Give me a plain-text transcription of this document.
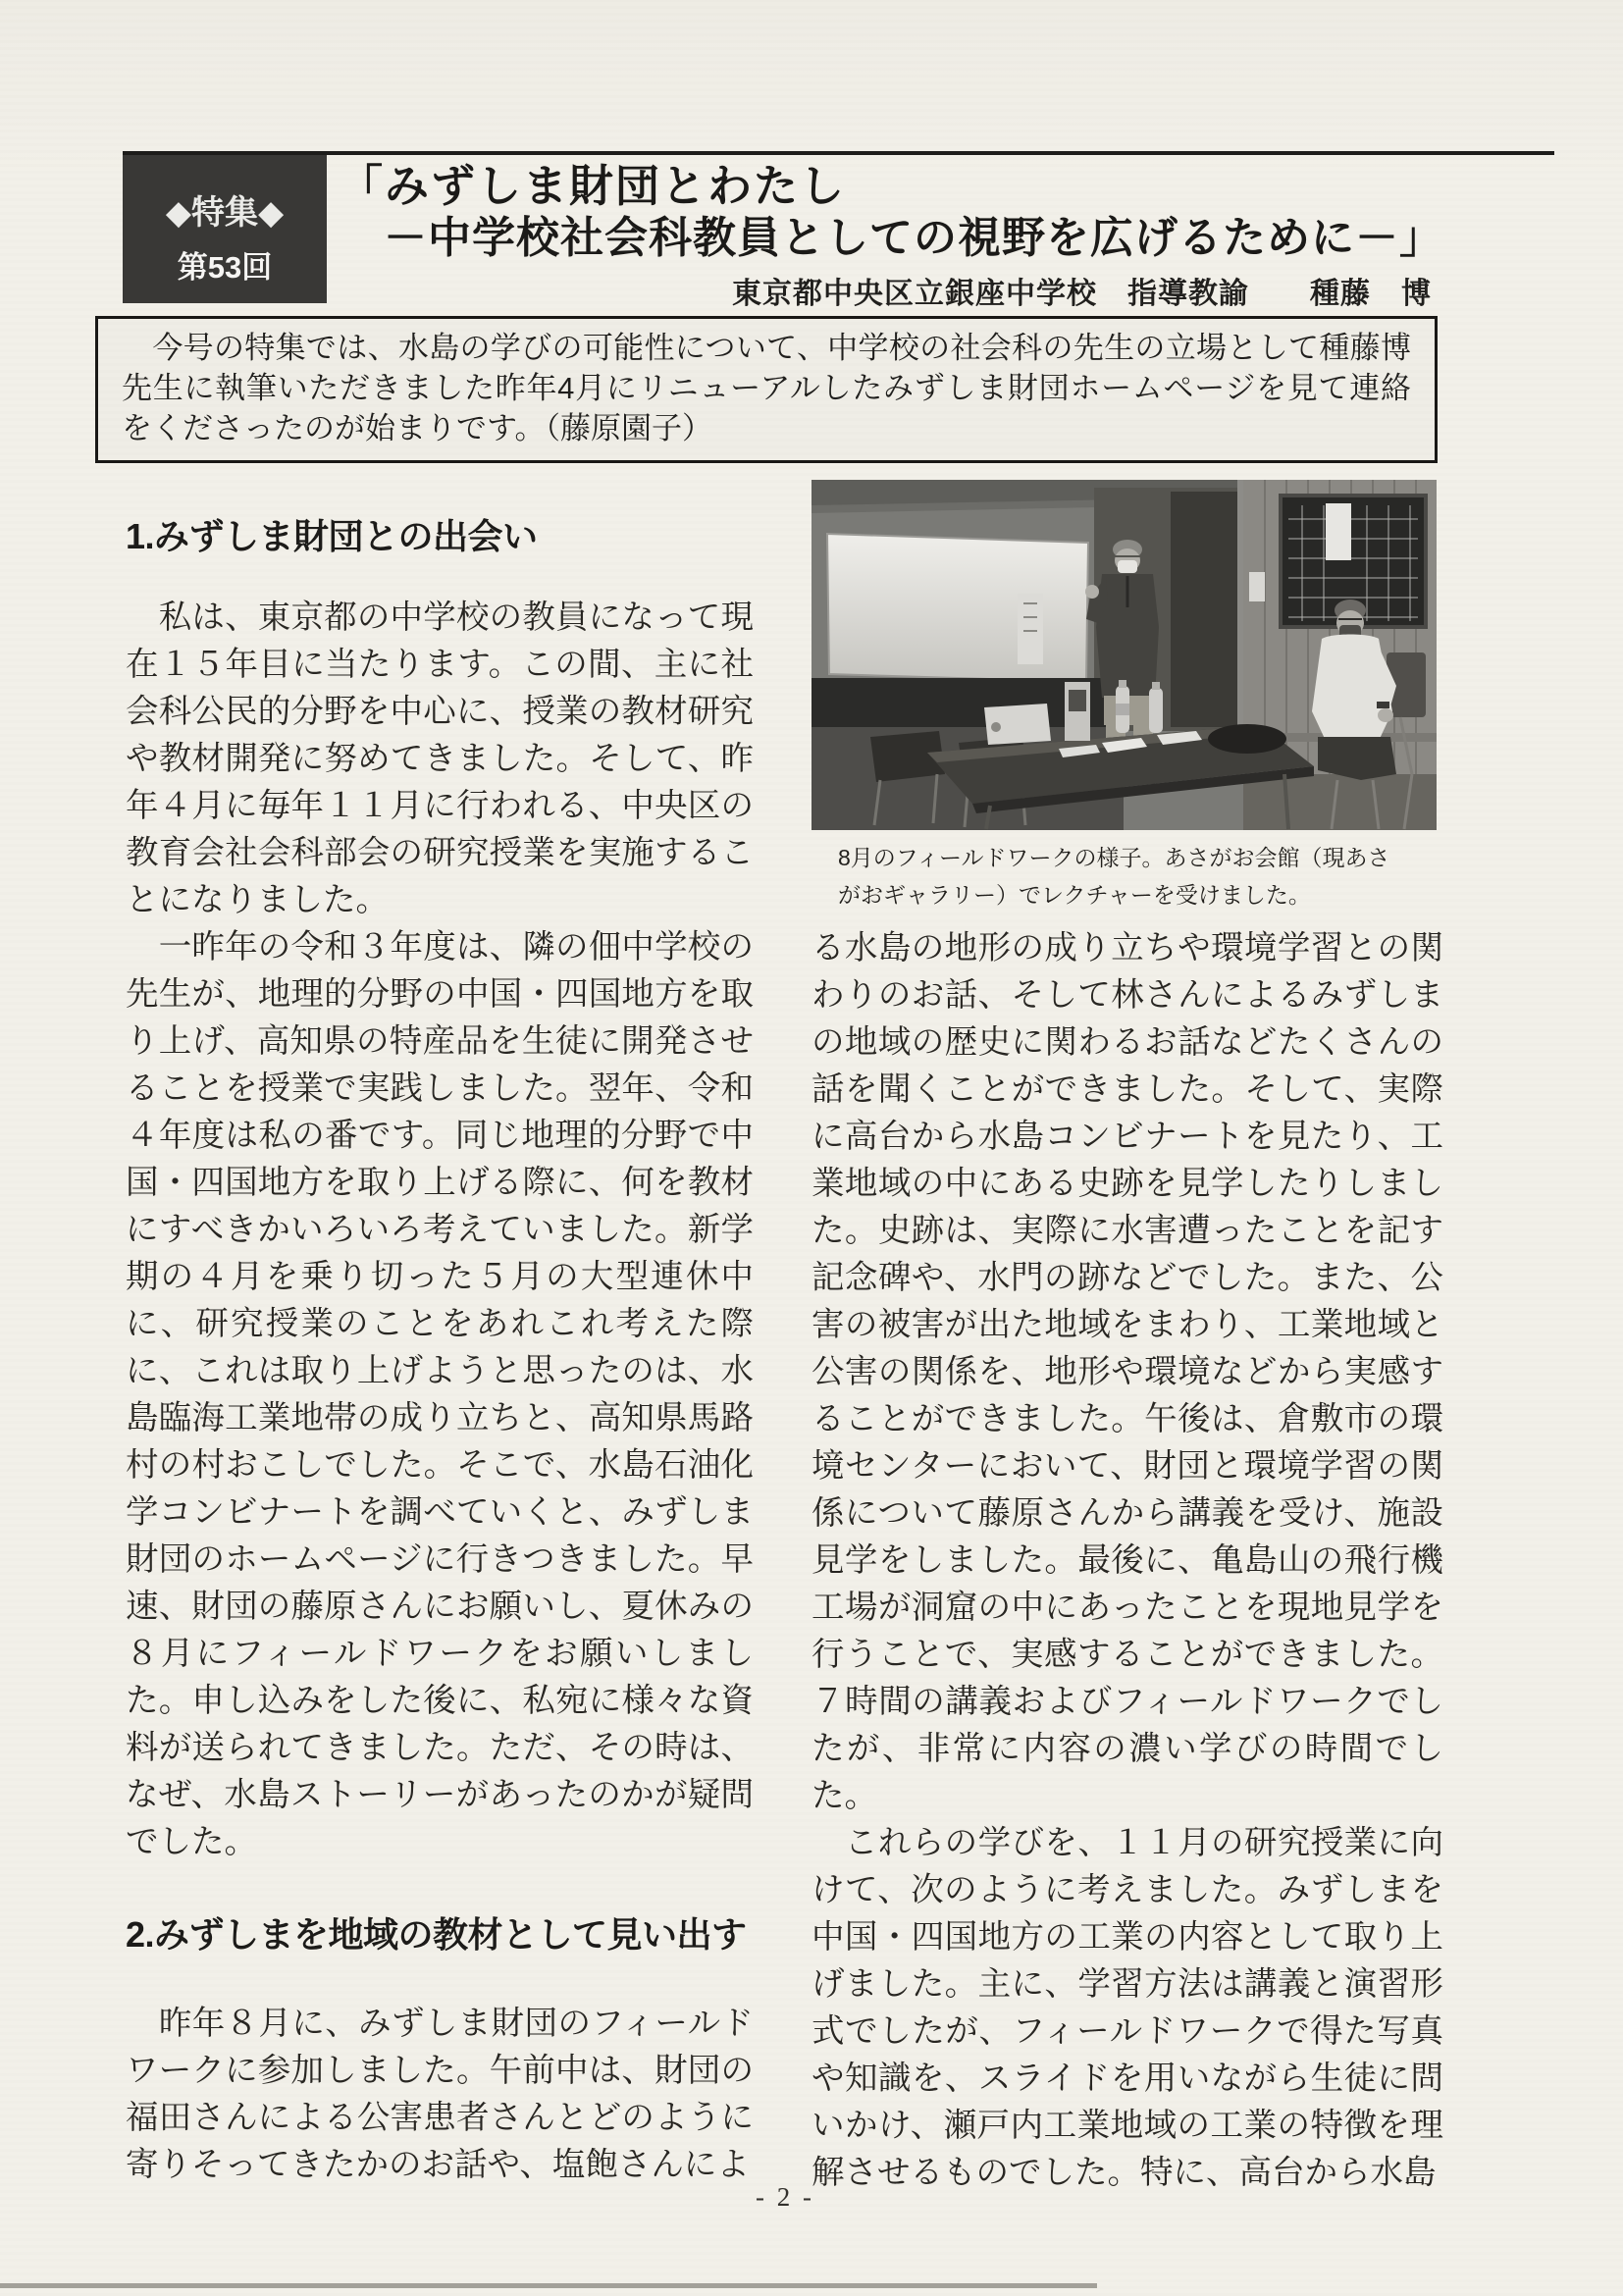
◆特集◆
第53回
「みずしま財団とわたし
－中学校社会科教員としての視野を広げるために－」
東京都中央区立銀座中学校　指導教諭　　種藤　博

　今号の特集では、水島の学びの可能性について、中学校の社会科の先生の立場として種藤博先生に執筆いただきました昨年4月にリニューアルしたみずしま財団ホームページを見て連絡をくださったのが始まりです。（藤原園子）

1.みずしま財団との出会い

　私は、東京都の中学校の教員になって現在１５年目に当たります。この間、主に社会科公民的分野を中心に、授業の教材研究や教材開発に努めてきました。そして、昨年４月に毎年１１月に行われる、中央区の教育会社会科部会の研究授業を実施することになりました。

　一昨年の令和３年度は、隣の佃中学校の先生が、地理的分野の中国・四国地方を取り上げ、高知県の特産品を生徒に開発させることを授業で実践しました。翌年、令和４年度は私の番です。同じ地理的分野で中国・四国地方を取り上げる際に、何を教材にすべきかいろいろ考えていました。新学期の４月を乗り切った５月の大型連休中に、研究授業のことをあれこれ考えた際に、これは取り上げようと思ったのは、水島臨海工業地帯の成り立ちと、高知県馬路村の村おこしでした。そこで、水島石油化学コンビナートを調べていくと、みずしま財団のホームページに行きつきました。早速、財団の藤原さんにお願いし、夏休みの８月にフィールドワークをお願いしました。申し込みをした後に、私宛に様々な資料が送られてきました。ただ、その時は、なぜ、水島ストーリーがあったのかが疑問でした。

2.みずしまを地域の教材として見い出す

　昨年８月に、みずしま財団のフィールドワークに参加しました。午前中は、財団の福田さんによる公害患者さんとどのように寄りそってきたかのお話や、塩飽さんによ

8月のフィールドワークの様子。あさがお会館（現あさがおギャラリー）でレクチャーを受けました。

る水島の地形の成り立ちや環境学習との関わりのお話、そして林さんによるみずしまの地域の歴史に関わるお話などたくさんの話を聞くことができました。そして、実際に高台から水島コンビナートを見たり、工業地域の中にある史跡を見学したりしました。史跡は、実際に水害遭ったことを記す記念碑や、水門の跡などでした。また、公害の被害が出た地域をまわり、工業地域と公害の関係を、地形や環境などから実感することができました。午後は、倉敷市の環境センターにおいて、財団と環境学習の関係について藤原さんから講義を受け、施設見学をしました。最後に、亀島山の飛行機工場が洞窟の中にあったことを現地見学を行うことで、実感することができました。７時間の講義およびフィールドワークでしたが、非常に内容の濃い学びの時間でした。

　これらの学びを、１１月の研究授業に向けて、次のように考えました。みずしまを中国・四国地方の工業の内容として取り上げました。主に、学習方法は講義と演習形式でしたが、フィールドワークで得た写真や知識を、スライドを用いながら生徒に問いかけ、瀬戸内工業地域の工業の特徴を理解させるものでした。特に、高台から水島

- 2 -
